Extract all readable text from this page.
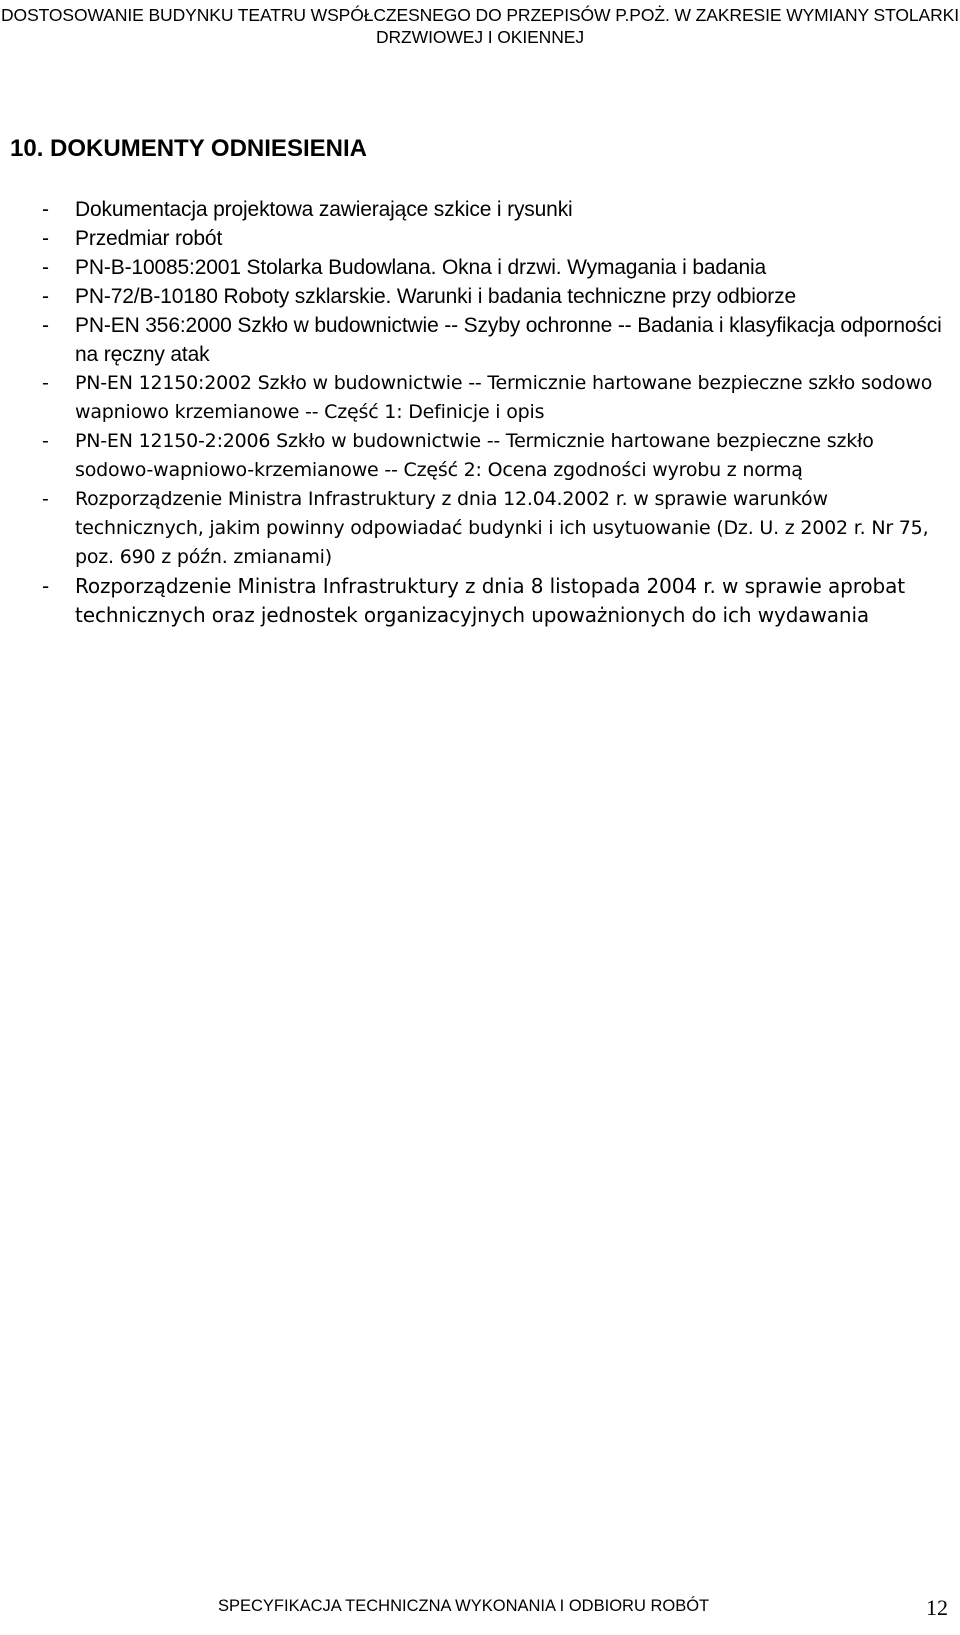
DOSTOSOWANIE BUDYNKU TEATRU WSPÓŁCZESNEGO DO PRZEPISÓW P.POŻ. W ZAKRESIE WYMIANY STOLARKI
DRZWIOWEJ I OKIENNEJ
10. DOKUMENTY ODNIESIENIA
- Dokumentacja projektowa zawierające szkice i rysunki
- Przedmiar robót
- PN-B-10085:2001 Stolarka Budowlana. Okna i drzwi. Wymagania i badania
- PN-72/B-10180 Roboty szklarskie. Warunki i badania techniczne przy odbiorze
- PN-EN 356:2000 Szkło w budownictwie -- Szyby ochronne -- Badania i klasyfikacja odporności na ręczny atak
- PN-EN 12150:2002 Szkło w budownictwie -- Termicznie hartowane bezpieczne szkło sodowo wapniowo krzemianowe -- Część 1: Definicje i opis
- PN-EN 12150-2:2006 Szkło w budownictwie -- Termicznie hartowane bezpieczne szkło sodowo-wapniowo-krzemianowe -- Część 2: Ocena zgodności wyrobu z normą
- Rozporządzenie Ministra Infrastruktury z dnia 12.04.2002 r. w sprawie warunków technicznych, jakim powinny odpowiadać budynki i ich usytuowanie (Dz. U. z 2002 r. Nr 75, poz. 690 z późn. zmianami)
- Rozporządzenie Ministra Infrastruktury z dnia 8 listopada 2004 r. w sprawie aprobat technicznych oraz jednostek organizacyjnych upoważnionych do ich wydawania
SPECYFIKACJA TECHNICZNA WYKONANIA I ODBIORU ROBÓT	12
